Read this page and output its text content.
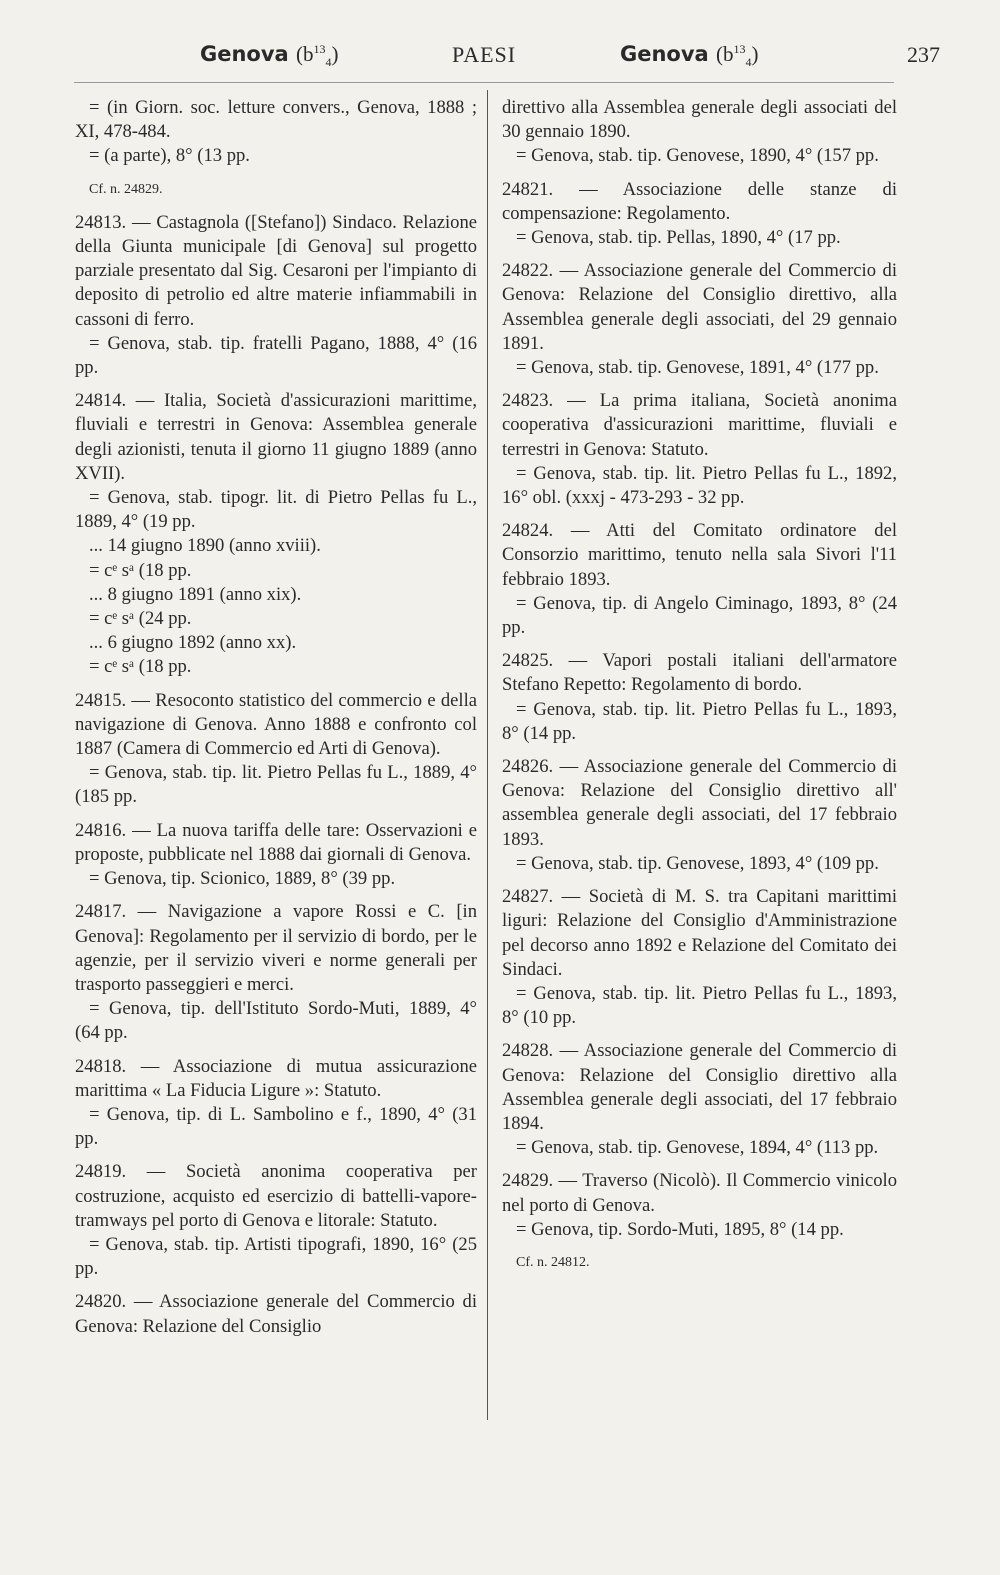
Genova $(b^{13}_4)$	PAESI	Genova $(b^{13}_4)$	237

= (in Giorn. soc. letture convers., Genova, 1888 ; XI, 478-484.

= (a parte), 8° (13 pp.

Cf. n. 24829.

24813. — Castagnola ([Stefano]) Sindaco. Relazione della Giunta municipale [di Genova] sul progetto parziale presentato dal Sig. Cesaroni per l'impianto di deposito di petrolio ed altre materie infiammabili in cassoni di ferro.

= Genova, stab. tip. fratelli Pagano, 1888, 4° (16 pp.

24814. — Italia, Società d'assicurazioni marittime, fluviali e terrestri in Genova: Assemblea generale degli azionisti, tenuta il giorno 11 giugno 1889 (anno XVII).

= Genova, stab. tipogr. lit. di Pietro Pellas fu L., 1889, 4° (19 pp.

... 14 giugno 1890 (anno xviii).

= cᵉ sᵃ (18 pp.

... 8 giugno 1891 (anno xix).

= cᵉ sᵃ (24 pp.

... 6 giugno 1892 (anno xx).

= cᵉ sᵃ (18 pp.

24815. — Resoconto statistico del commercio e della navigazione di Genova. Anno 1888 e confronto col 1887 (Camera di Commercio ed Arti di Genova).

= Genova, stab. tip. lit. Pietro Pellas fu L., 1889, 4° (185 pp.

24816. — La nuova tariffa delle tare: Osservazioni e proposte, pubblicate nel 1888 dai giornali di Genova.

= Genova, tip. Scionico, 1889, 8° (39 pp.

24817. — Navigazione a vapore Rossi e C. [in Genova]: Regolamento per il servizio di bordo, per le agenzie, per il servizio viveri e norme generali per trasporto passeggieri e merci.

= Genova, tip. dell'Istituto Sordo-Muti, 1889, 4° (64 pp.

24818. — Associazione di mutua assicurazione marittima « La Fiducia Ligure »: Statuto.

= Genova, tip. di L. Sambolino e f., 1890, 4° (31 pp.

24819. — Società anonima cooperativa per costruzione, acquisto ed esercizio di battelli-vapore-tramways pel porto di Genova e litorale: Statuto.

= Genova, stab. tip. Artisti tipografi, 1890, 16° (25 pp.

24820. — Associazione generale del Commercio di Genova: Relazione del Consiglio

direttivo alla Assemblea generale degli associati del 30 gennaio 1890.

= Genova, stab. tip. Genovese, 1890, 4° (157 pp.

24821. — Associazione delle stanze di compensazione: Regolamento.

= Genova, stab. tip. Pellas, 1890, 4° (17 pp.

24822. — Associazione generale del Commercio di Genova: Relazione del Consiglio direttivo, alla Assemblea generale degli associati, del 29 gennaio 1891.

= Genova, stab. tip. Genovese, 1891, 4° (177 pp.

24823. — La prima italiana, Società anonima cooperativa d'assicurazioni marittime, fluviali e terrestri in Genova: Statuto.

= Genova, stab. tip. lit. Pietro Pellas fu L., 1892, 16° obl. (xxxj - 473-293 - 32 pp.

24824. — Atti del Comitato ordinatore del Consorzio marittimo, tenuto nella sala Sivori l'11 febbraio 1893.

= Genova, tip. di Angelo Ciminago, 1893, 8° (24 pp.

24825. — Vapori postali italiani dell'armatore Stefano Repetto: Regolamento di bordo.

= Genova, stab. tip. lit. Pietro Pellas fu L., 1893, 8° (14 pp.

24826. — Associazione generale del Commercio di Genova: Relazione del Consiglio direttivo all' assemblea generale degli associati, del 17 febbraio 1893.

= Genova, stab. tip. Genovese, 1893, 4° (109 pp.

24827. — Società di M. S. tra Capitani marittimi liguri: Relazione del Consiglio d'Amministrazione pel decorso anno 1892 e Relazione del Comitato dei Sindaci.

= Genova, stab. tip. lit. Pietro Pellas fu L., 1893, 8° (10 pp.

24828. — Associazione generale del Commercio di Genova: Relazione del Consiglio direttivo alla Assemblea generale degli associati, del 17 febbraio 1894.

= Genova, stab. tip. Genovese, 1894, 4° (113 pp.

24829. — Traverso (Nicolò). Il Commercio vinicolo nel porto di Genova.

= Genova, tip. Sordo-Muti, 1895, 8° (14 pp.

Cf. n. 24812.
